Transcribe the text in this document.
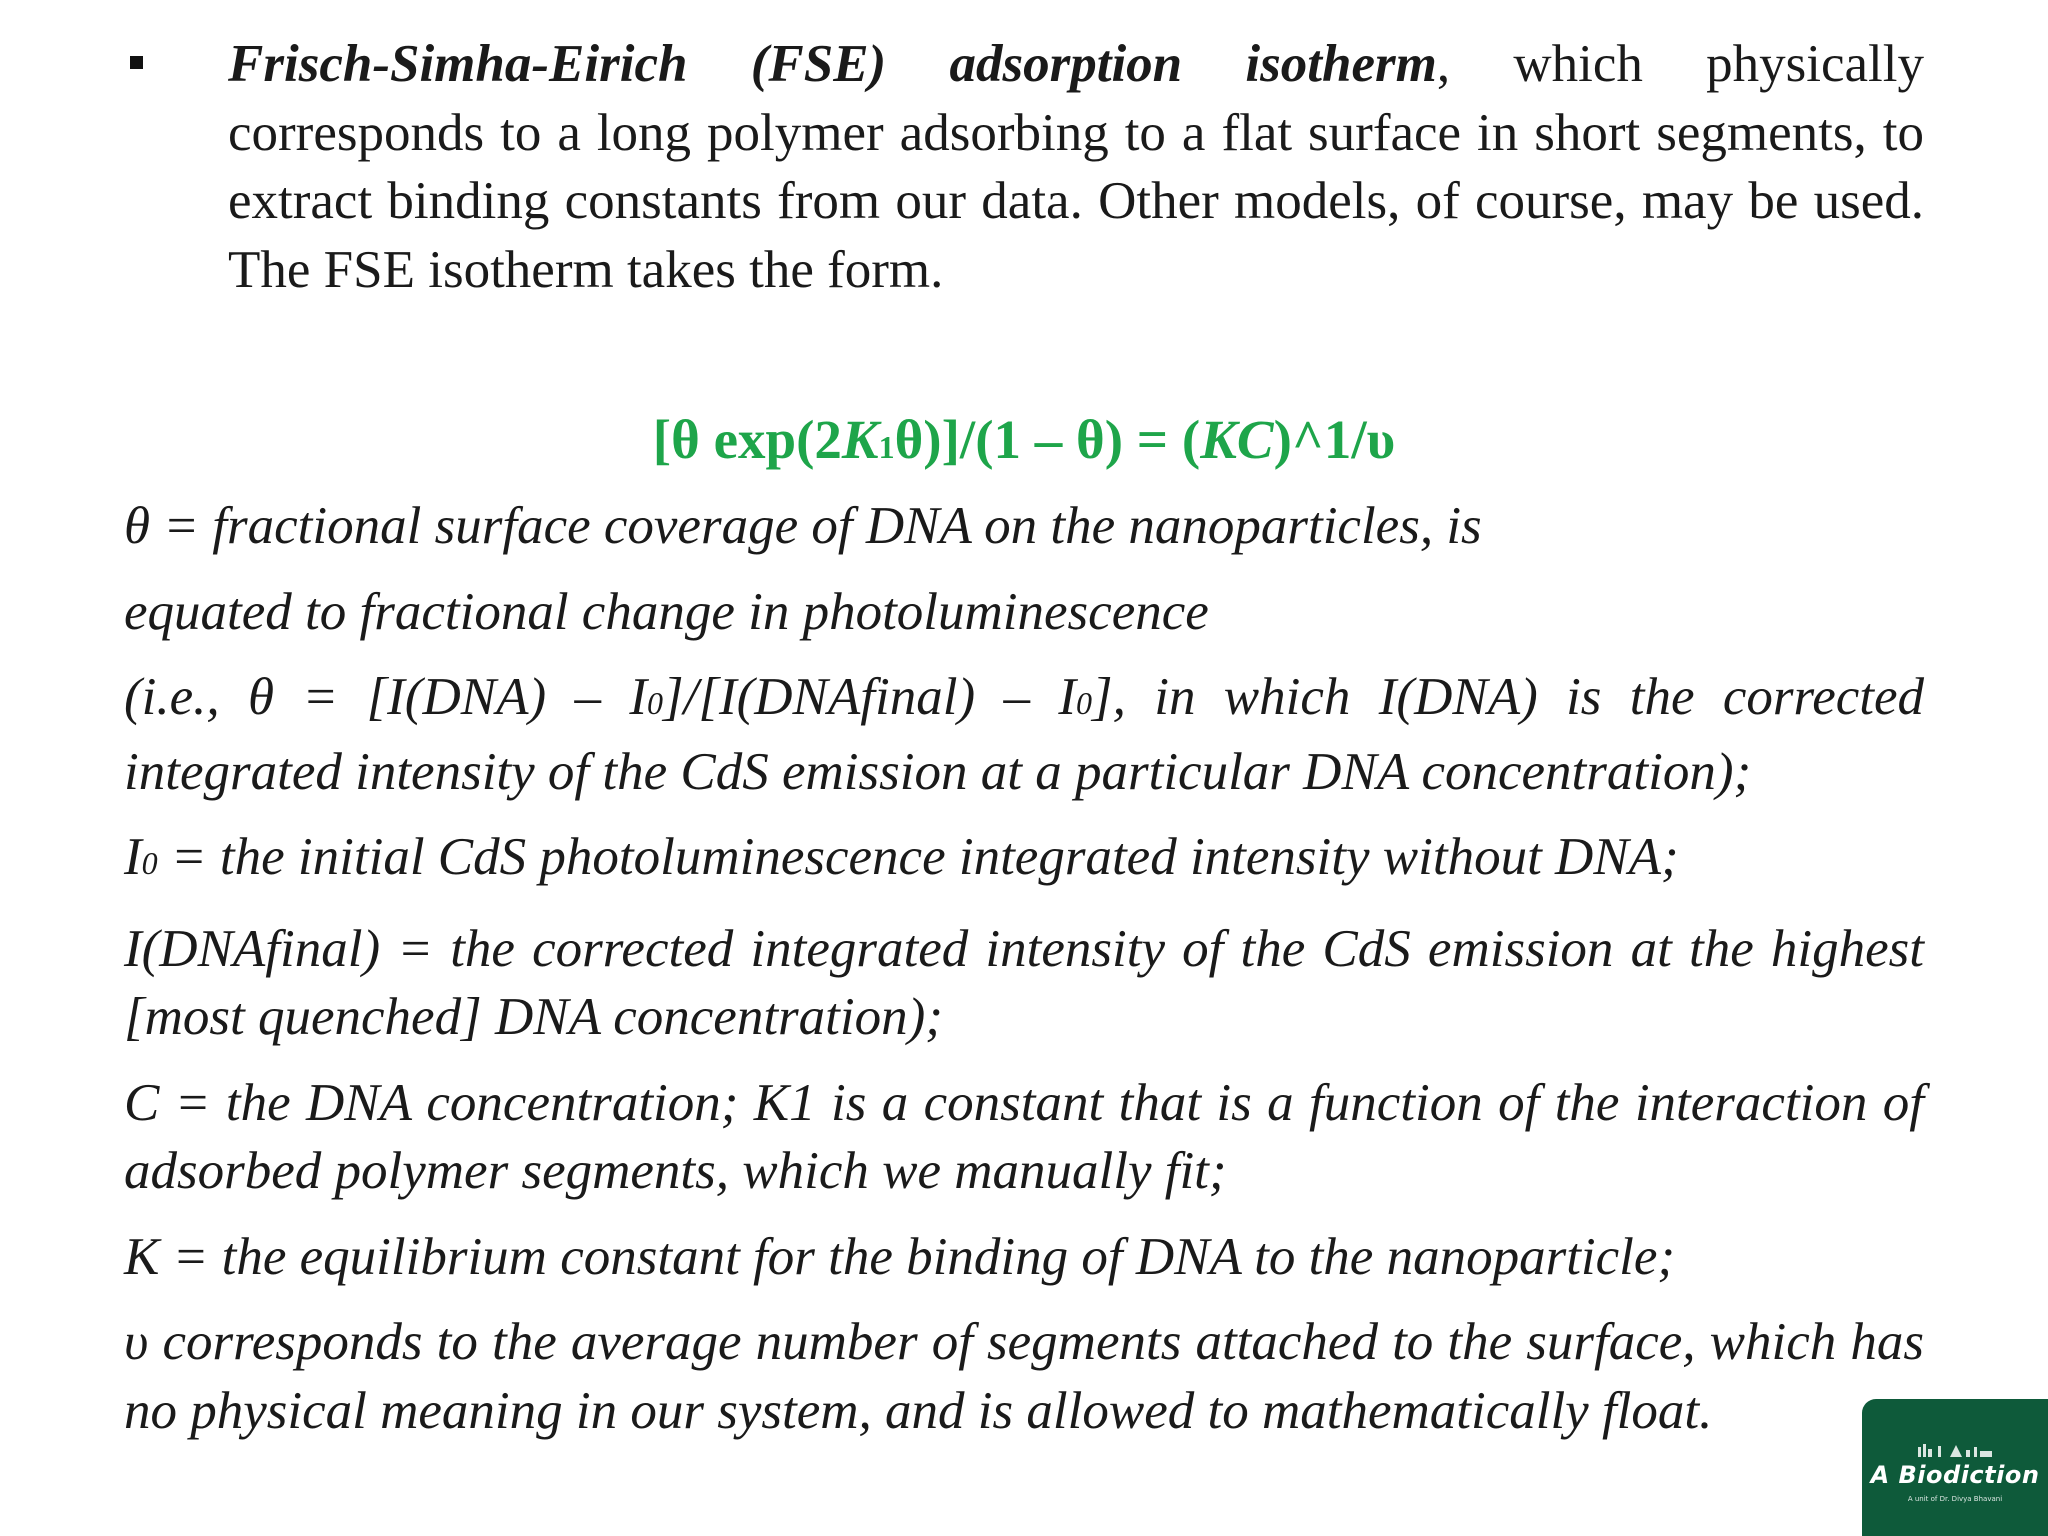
Frisch-Simha-Eirich (FSE) adsorption isotherm, which physically corresponds to a long polymer adsorbing to a flat surface in short segments, to extract binding constants from our data. Other models, of course, may be used. The FSE isotherm takes the form.
[θ exp(2K1θ)]/(1 – θ) = (KC)^1/υ

θ = fractional surface coverage of DNA on the nanoparticles, is

equated to fractional change in photoluminescence

(i.e., θ = [I(DNA) – I0]/[I(DNAfinal) – I0], in which I(DNA) is the corrected integrated intensity of the CdS emission at a particular DNA concentration);

I0 = the initial CdS photoluminescence integrated intensity without DNA;

I(DNAfinal) = the corrected integrated intensity of the CdS emission at the highest [most quenched] DNA concentration);

C = the DNA concentration; K1 is a constant that is a function of the interaction of adsorbed polymer segments, which we manually fit;

K = the equilibrium constant for the binding of DNA to the nanoparticle;

υ corresponds to the average number of segments attached to the surface, which has no physical meaning in our system, and is allowed to mathematically float.

A Biodiction
A unit of Dr. Divya Bhavani
